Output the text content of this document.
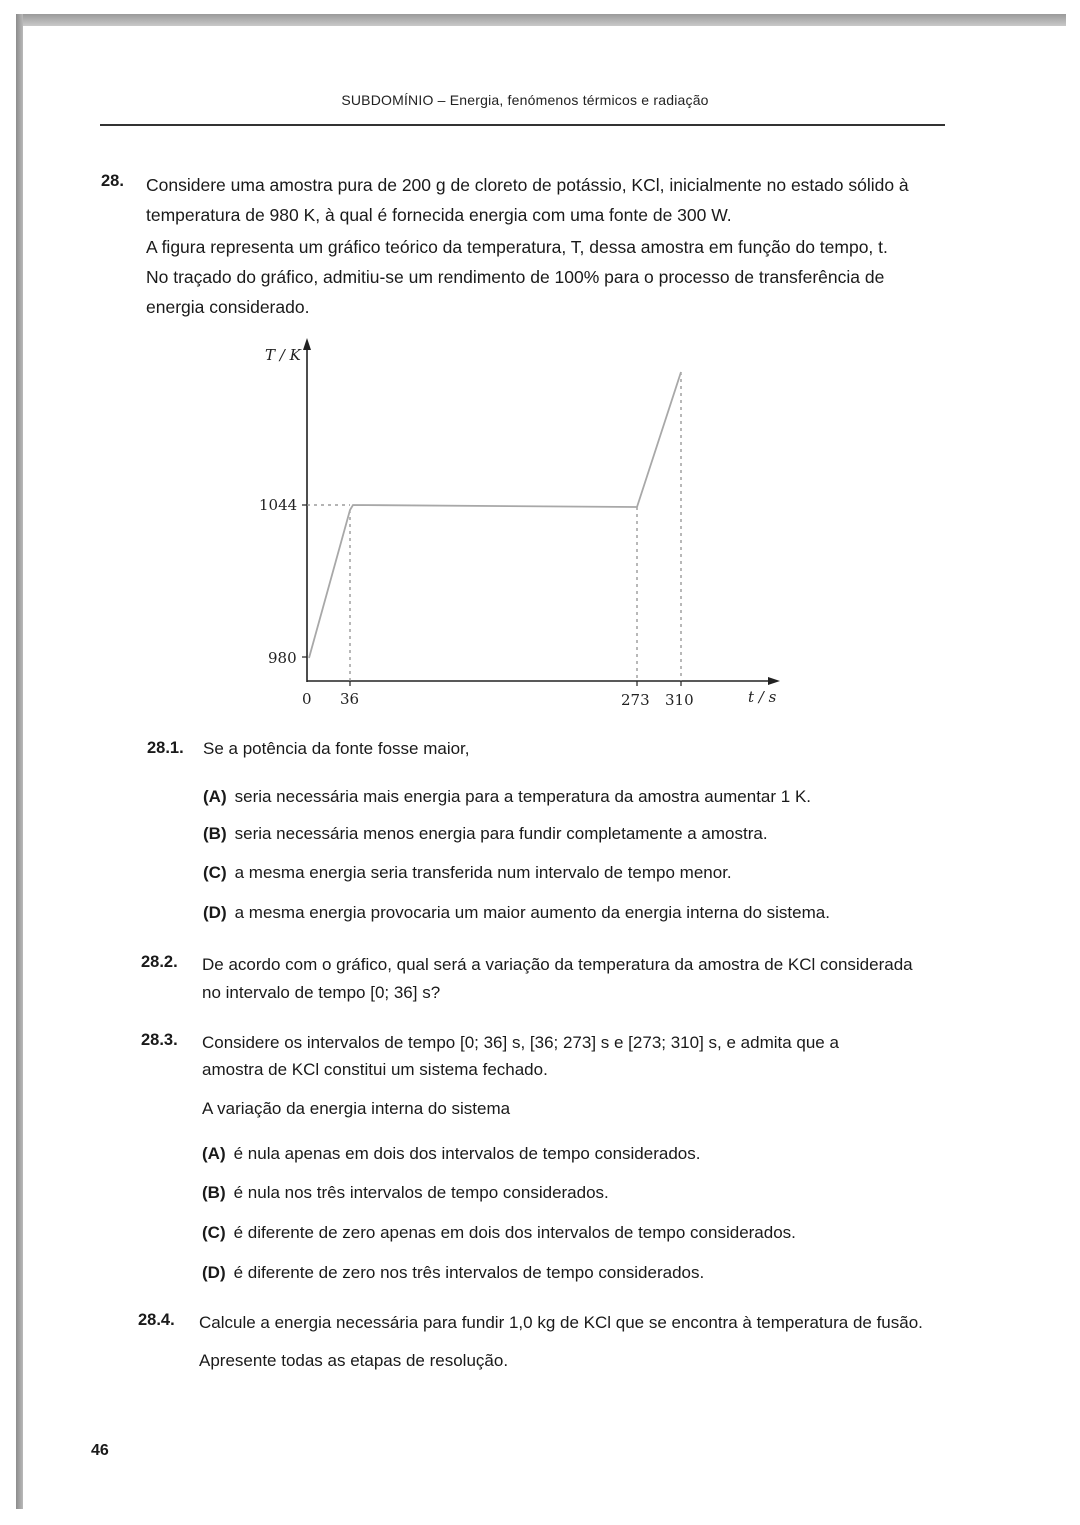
SUBDOMÍNIO – Energia, fenómenos térmicos e radiação
28. Considere uma amostra pura de 200 g de cloreto de potássio, KCl, inicialmente no estado sólido à
temperatura de 980 K, à qual é fornecida energia com uma fonte de 300 W.
A figura representa um gráfico teórico da temperatura, T, dessa amostra em função do tempo, t.
No traçado do gráfico, admitiu-se um rendimento de 100% para o processo de transferência de
energia considerado.
T / K
1044
980
0 36	273 310	t / s
28.1. Se a potência da fonte fosse maior,
(A) seria necessária mais energia para a temperatura da amostra aumentar 1 K.
(B) seria necessária menos energia para fundir completamente a amostra.
(C) a mesma energia seria transferida num intervalo de tempo menor.
(D) a mesma energia provocaria um maior aumento da energia interna do sistema.
28.2. De acordo com o gráfico, qual será a variação da temperatura da amostra de KCl considerada
no intervalo de tempo [0; 36] s?
28.3. Considere os intervalos de tempo [0; 36] s, [36; 273] s e [273; 310] s, e admita que a
amostra de KCl constitui um sistema fechado.
A variação da energia interna do sistema
(A) é nula apenas em dois dos intervalos de tempo considerados.
(B) é nula nos três intervalos de tempo considerados.
(C) é diferente de zero apenas em dois dos intervalos de tempo considerados.
(D) é diferente de zero nos três intervalos de tempo considerados.
28.4. Calcule a energia necessária para fundir 1,0 kg de KCl que se encontra à temperatura de fusão.
Apresente todas as etapas de resolução.
46
